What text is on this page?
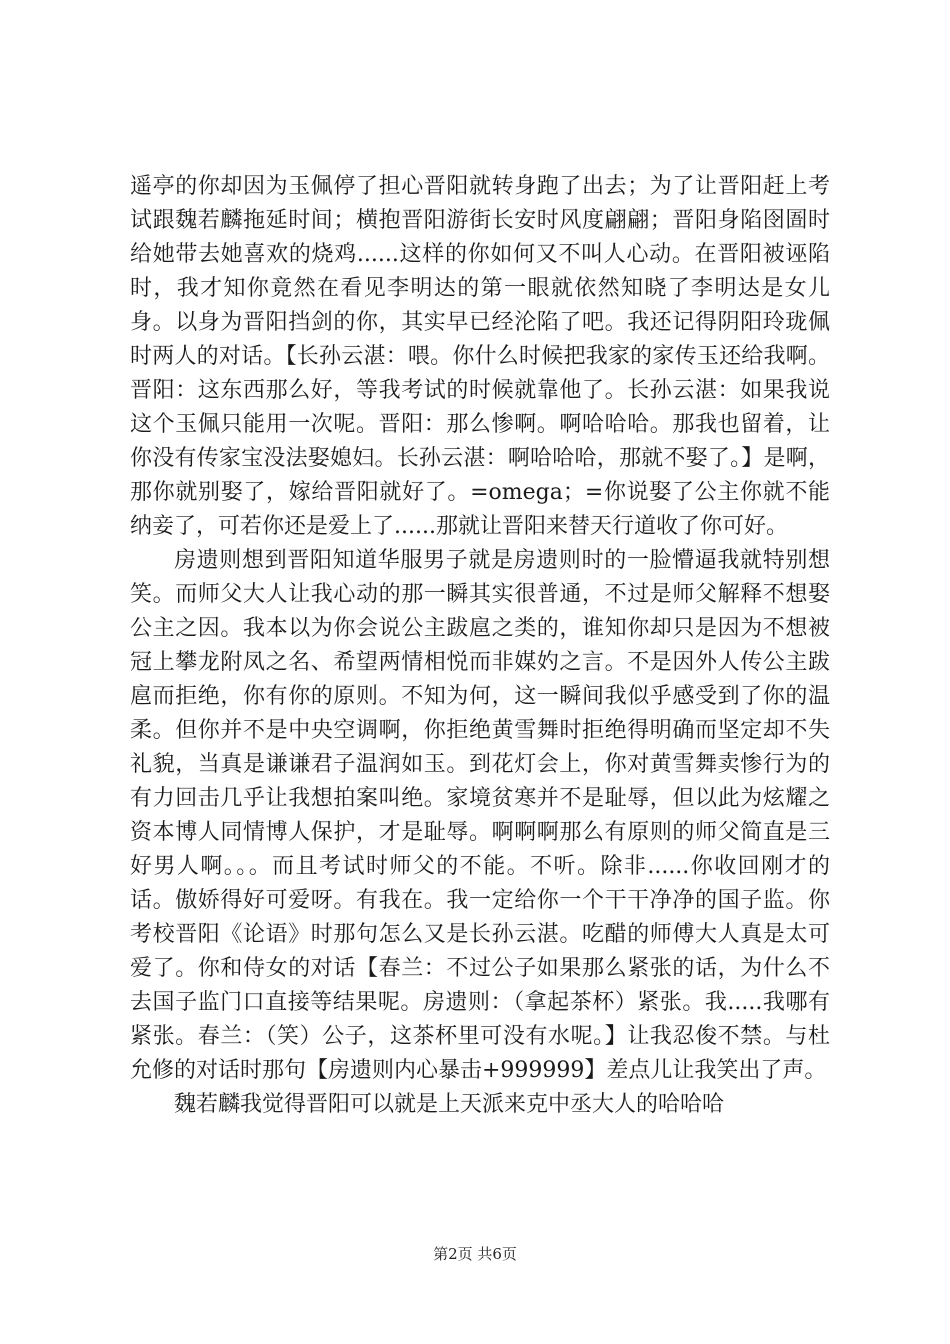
遥亭的你却因为玉佩停了担心晋阳就转身跑了出去；为了让晋阳赶上考试跟魏若麟拖延时间；横抱晋阳游街长安时风度翩翩；晋阳身陷囹圄时给她带去她喜欢的烧鸡......这样的你如何又不叫人心动。在晋阳被诬陷时，我才知你竟然在看见李明达的第一眼就依然知晓了李明达是女儿身。以身为晋阳挡剑的你，其实早已经沦陷了吧。我还记得阴阳玲珑佩时两人的对话。【长孙云湛：喂。你什么时候把我家的家传玉还给我啊。晋阳：这东西那么好，等我考试的时候就靠他了。长孙云湛：如果我说这个玉佩只能用一次呢。晋阳：那么惨啊。啊哈哈哈。那我也留着，让你没有传家宝没法娶媳妇。长孙云湛：啊哈哈哈，那就不娶了。】是啊，那你就别娶了，嫁给晋阳就好了。=omega；=你说娶了公主你就不能纳妾了，可若你还是爱上了......那就让晋阳来替天行道收了你可好。

房遗则想到晋阳知道华服男子就是房遗则时的一脸懵逼我就特别想笑。而师父大人让我心动的那一瞬其实很普通，不过是师父解释不想娶公主之因。我本以为你会说公主跋扈之类的，谁知你却只是因为不想被冠上攀龙附凤之名、希望两情相悦而非媒妁之言。不是因外人传公主跋扈而拒绝，你有你的原则。不知为何，这一瞬间我似乎感受到了你的温柔。但你并不是中央空调啊，你拒绝黄雪舞时拒绝得明确而坚定却不失礼貌，当真是谦谦君子温润如玉。到花灯会上，你对黄雪舞卖惨行为的有力回击几乎让我想拍案叫绝。家境贫寒并不是耻辱，但以此为炫耀之资本博人同情博人保护，才是耻辱。啊啊啊那么有原则的师父简直是三好男人啊。。。而且考试时师父的不能。不听。除非......你收回刚才的话。傲娇得好可爱呀。有我在。我一定给你一个干干净净的国子监。你考校晋阳《论语》时那句怎么又是长孙云湛。吃醋的师傅大人真是太可爱了。你和侍女的对话【春兰：不过公子如果那么紧张的话，为什么不去国子监门口直接等结果呢。房遗则：（拿起茶杯）紧张。我.....我哪有紧张。春兰：（笑）公子，这茶杯里可没有水呢。】让我忍俊不禁。与杜允修的对话时那句【房遗则内心暴击+999999】差点儿让我笑出了声。

魏若麟我觉得晋阳可以就是上天派来克中丞大人的哈哈哈

第2页 共6页
